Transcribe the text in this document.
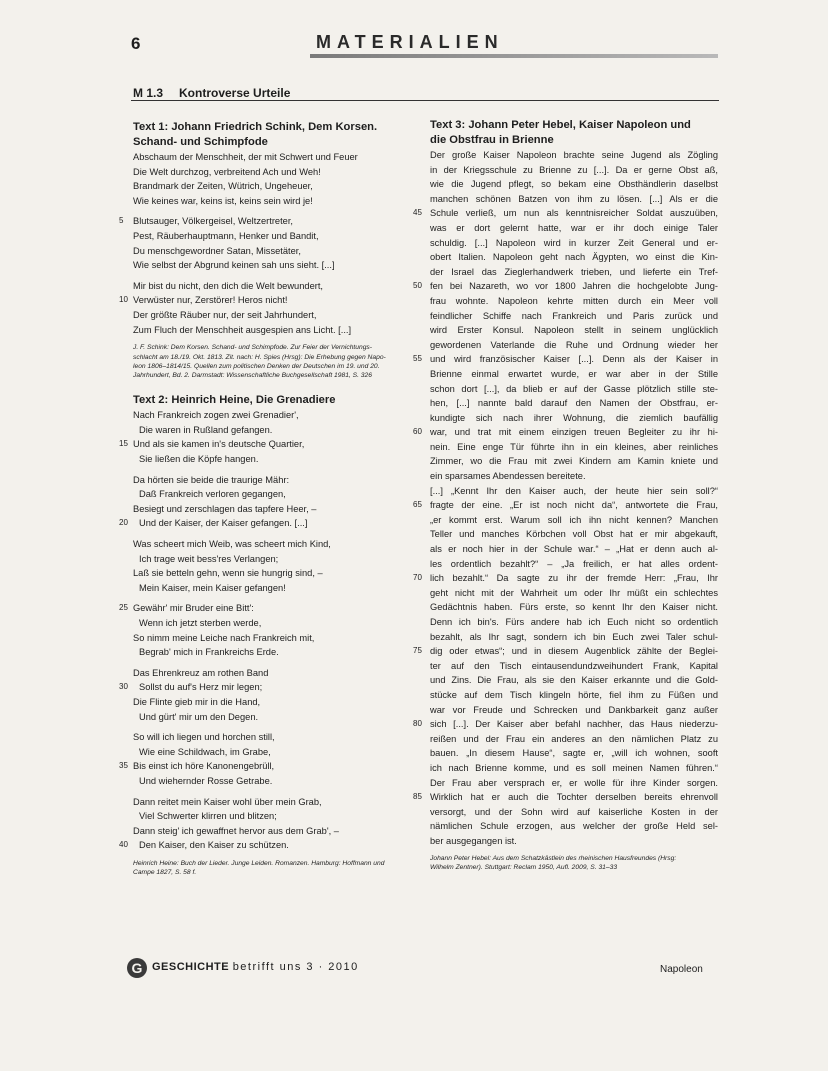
6	MATERIALIEN
M 1.3 Kontroverse Urteile
Text 1: Johann Friedrich Schink, Dem Korsen.
Schand- und Schimpfode
Abschaum der Menschheit, der mit Schwert und Feuer
Die Welt durchzog, verbreitend Ach und Weh!
Brandmark der Zeiten, Wütrich, Ungeheuer,
Wie keines war, keins ist, keins sein wird je!
5 Blutsauger, Völkergeisel, Weltzertreter,
Pest, Räuberhauptmann, Henker und Bandit,
Du menschgewordner Satan, Missetäter,
Wie selbst der Abgrund keinen sah uns sieht. [...]
Mir bist du nicht, den dich die Welt bewundert,
10 Verwüster nur, Zerstörer! Heros nicht!
Der größte Räuber nur, der seit Jahrhundert,
Zum Fluch der Menschheit ausgespien ans Licht. [...]
J. F. Schink: Dem Korsen. Schand- und Schimpfode. Zur Feier der Vernichtungs-
schlacht am 18./19. Okt. 1813. Zit. nach: H. Spies (Hrsg): Die Erhebung gegen Napo-
leon 1806–1814/15. Quellen zum politischen Denken der Deutschen im 19. und 20.
Jahrhundert, Bd. 2. Darmstadt: Wissenschaftliche Buchgesellschaft 1981, S. 326
Text 2: Heinrich Heine, Die Grenadiere
Nach Frankreich zogen zwei Grenadier',
Die waren in Rußland gefangen.
15 Und als sie kamen in's deutsche Quartier,
Sie ließen die Köpfe hangen.
Da hörten sie beide die traurige Mähr:
Daß Frankreich verloren gegangen,
Besiegt und zerschlagen das tapfere Heer, –
20 Und der Kaiser, der Kaiser gefangen. [...]
Was scheert mich Weib, was scheert mich Kind,
Ich trage weit bess'res Verlangen;
Laß sie betteln gehn, wenn sie hungrig sind, –
Mein Kaiser, mein Kaiser gefangen!
25 Gewähr' mir Bruder eine Bitt':
Wenn ich jetzt sterben werde,
So nimm meine Leiche nach Frankreich mit,
Begrab' mich in Frankreichs Erde.
Das Ehrenkreuz am rothen Band
30 Sollst du auf's Herz mir legen;
Die Flinte gieb mir in die Hand,
Und gürt' mir um den Degen.
So will ich liegen und horchen still,
Wie eine Schildwach, im Grabe,
35 Bis einst ich höre Kanonengebrüll,
Und wiehernder Rosse Getrabe.
Dann reitet mein Kaiser wohl über mein Grab,
Viel Schwerter klirren und blitzen;
Dann steig' ich gewaffnet hervor aus dem Grab', –
40 Den Kaiser, den Kaiser zu schützen.
Heinrich Heine: Buch der Lieder. Junge Leiden. Romanzen. Hamburg: Hoffmann und
Campe 1827, S. 58 f.
Text 3: Johann Peter Hebel, Kaiser Napoleon und
die Obstfrau in Brienne
Der große Kaiser Napoleon brachte seine Jugend als Zögling
in der Kriegsschule zu Brienne zu [...]. Da er gerne Obst aß,
wie die Jugend pflegt, so bekam eine Obsthändlerin daselbst
manchen schönen Batzen von ihm zu lösen. [...] Als er die
45 Schule verließ, um nun als kenntnisreicher Soldat auszuüben,
was er dort gelernt hatte, war er ihr doch einige Taler
schuldig. [...] Napoleon wird in kurzer Zeit General und er-
obert Italien. Napoleon geht nach Ägypten, wo einst die Kin-
der Israel das Zieglerhandwerk trieben, und lieferte ein Tref-
50 fen bei Nazareth, wo vor 1800 Jahren die hochgelobte Jung-
frau wohnte. Napoleon kehrte mitten durch ein Meer voll
feindlicher Schiffe nach Frankreich und Paris zurück und
wird Erster Konsul. Napoleon stellt in seinem unglücklich
gewordenen Vaterlande die Ruhe und Ordnung wieder her
55 und wird französischer Kaiser [...]. Denn als der Kaiser in
Brienne einmal erwartet wurde, er war aber in der Stille
schon dort [...], da blieb er auf der Gasse plötzlich stille ste-
hen, [...] nannte bald darauf den Namen der Obstfrau, er-
kundigte sich nach ihrer Wohnung, die ziemlich baufällig
60 war, und trat mit einem einzigen treuen Begleiter zu ihr hi-
nein. Eine enge Tür führte ihn in ein kleines, aber reinliches
Zimmer, wo die Frau mit zwei Kindern am Kamin kniete und
ein sparsames Abendessen bereitete.
[...] „Kennt Ihr den Kaiser auch, der heute hier sein soll?“
65 fragte der eine. „Er ist noch nicht da“, antwortete die Frau,
„er kommt erst. Warum soll ich ihn nicht kennen? Manchen
Teller und manches Körbchen voll Obst hat er mir abgekauft,
als er noch hier in der Schule war.“ – „Hat er denn auch al-
les ordentlich bezahlt?“ – „Ja freilich, er hat alles ordent-
70 lich bezahlt.“ Da sagte zu ihr der fremde Herr: „Frau, Ihr
geht nicht mit der Wahrheit um oder Ihr müßt ein schlechtes
Gedächtnis haben. Fürs erste, so kennt Ihr den Kaiser nicht.
Denn ich bin's. Fürs andere hab ich Euch nicht so ordentlich
bezahlt, als Ihr sagt, sondern ich bin Euch zwei Taler schul-
75 dig oder etwas“; und in diesem Augenblick zählte der Beglei-
ter auf den Tisch eintausendundzweihundert Frank, Kapital
und Zins. Die Frau, als sie den Kaiser erkannte und die Gold-
stücke auf dem Tisch klingeln hörte, fiel ihm zu Füßen und
war vor Freude und Schrecken und Dankbarkeit ganz außer
80 sich [...]. Der Kaiser aber befahl nachher, das Haus niederzu-
reißen und der Frau ein anderes an den nämlichen Platz zu
bauen. „In diesem Hause“, sagte er, „will ich wohnen, sooft
ich nach Brienne komme, und es soll meinen Namen führen.“
Der Frau aber versprach er, er wolle für ihre Kinder sorgen.
85 Wirklich hat er auch die Tochter derselben bereits ehrenvoll
versorgt, und der Sohn wird auf kaiserliche Kosten in der
nämlichen Schule erzogen, aus welcher der große Held sel-
ber ausgegangen ist.
Johann Peter Hebel: Aus dem Schatzkästlein des rheinischen Hausfreundes (Hrsg:
Wilhelm Zentner). Stuttgart: Reclam 1950, Aufl. 2009, S. 31–33
G GESCHICHTE betrifft uns 3 · 2010	Napoleon
